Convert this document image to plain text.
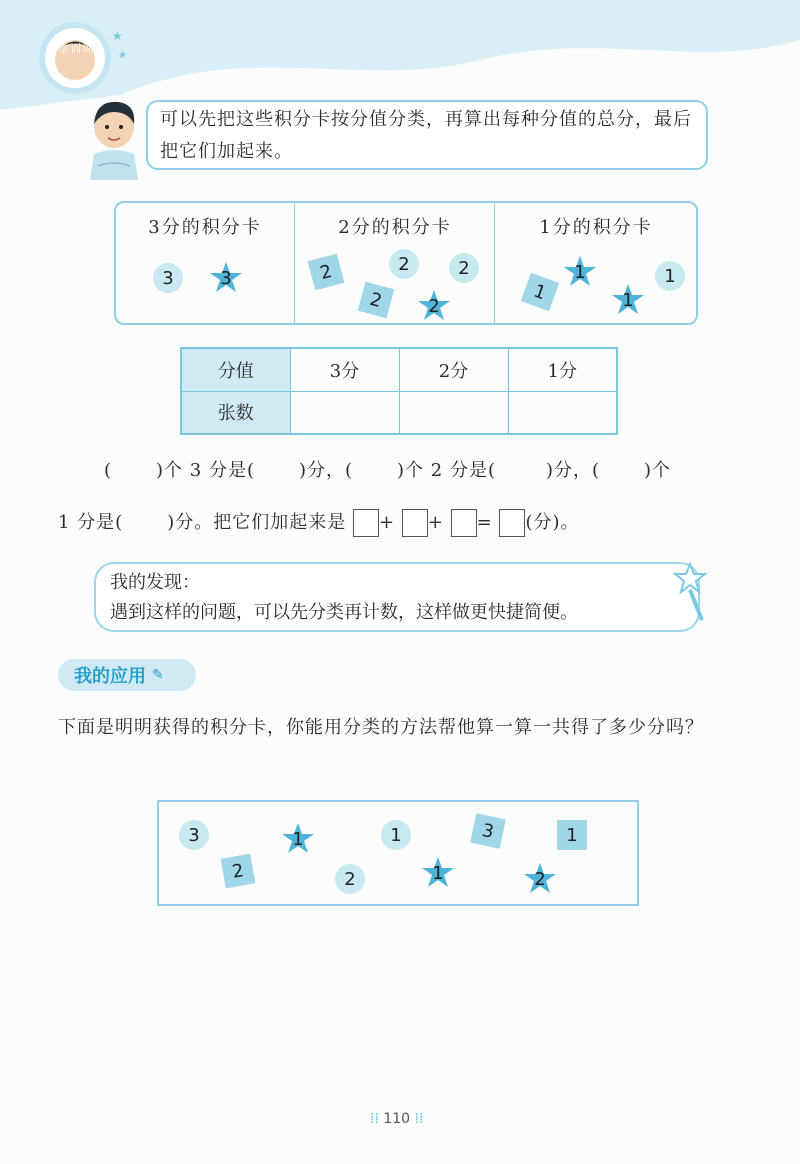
★
★
思维训练
可以先把这些积分卡按分值分类，再算出每种分值的总分，最后把它们加起来。
3分的积分卡
3	3
2分的积分卡
2	2	2
2 2
1分的积分卡
1
1
1
1
分值	3分	2分	1分
张数			
( )个 3 分是( )分，( )个 2 分是(	)分，( )个
1 分是( )分。把它们加起来是 + + = (分)。
我的发现：
遇到这样的问题，可以先分类再计数，这样做更快捷简便。
我的应用 ✎
下面是明明获得的积分卡，你能用分类的方法帮他算一算一共得了多少分吗？
3	1	1	3	1
2	2	1	2
⁞⁞ 110 ⁞⁞
